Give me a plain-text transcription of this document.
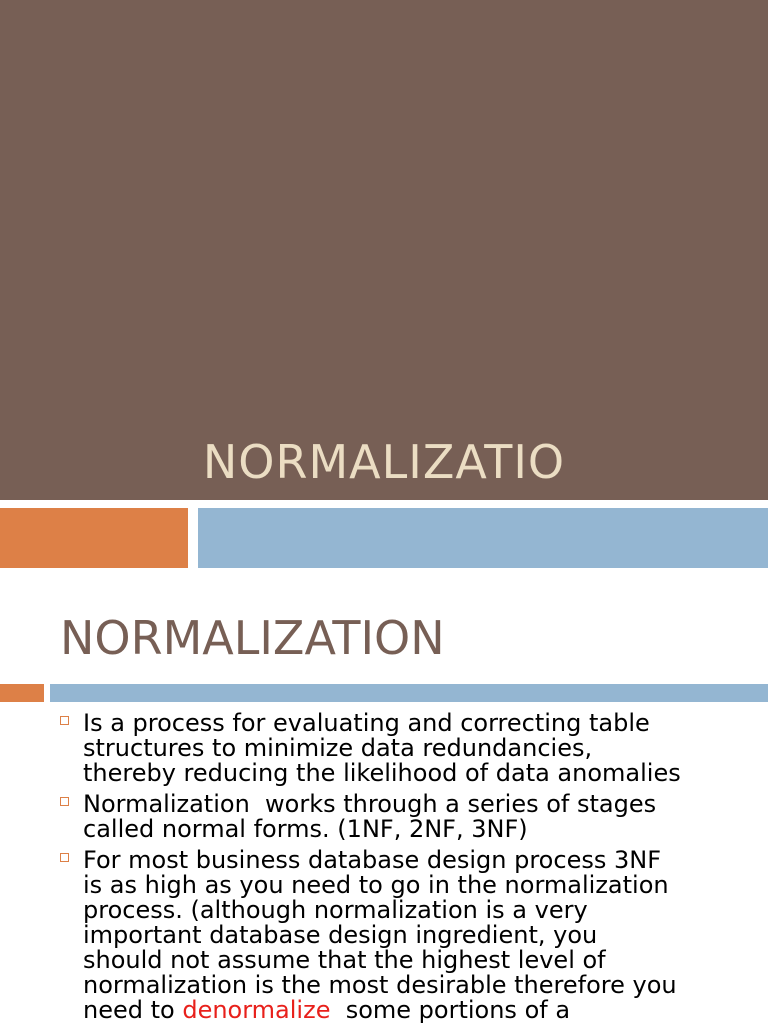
NORMALIZATIO
NORMALIZATION
Is a process for evaluating and correcting table
structures to minimize data redundancies,
thereby reducing the likelihood of data anomalies
Normalization  works through a series of stages
called normal forms. (1NF, 2NF, 3NF)
For most business database design process 3NF
is as high as you need to go in the normalization
process. (although normalization is a very
important database design ingredient, you
should not assume that the highest level of
normalization is the most desirable therefore you
need to denormalize  some portions of a
